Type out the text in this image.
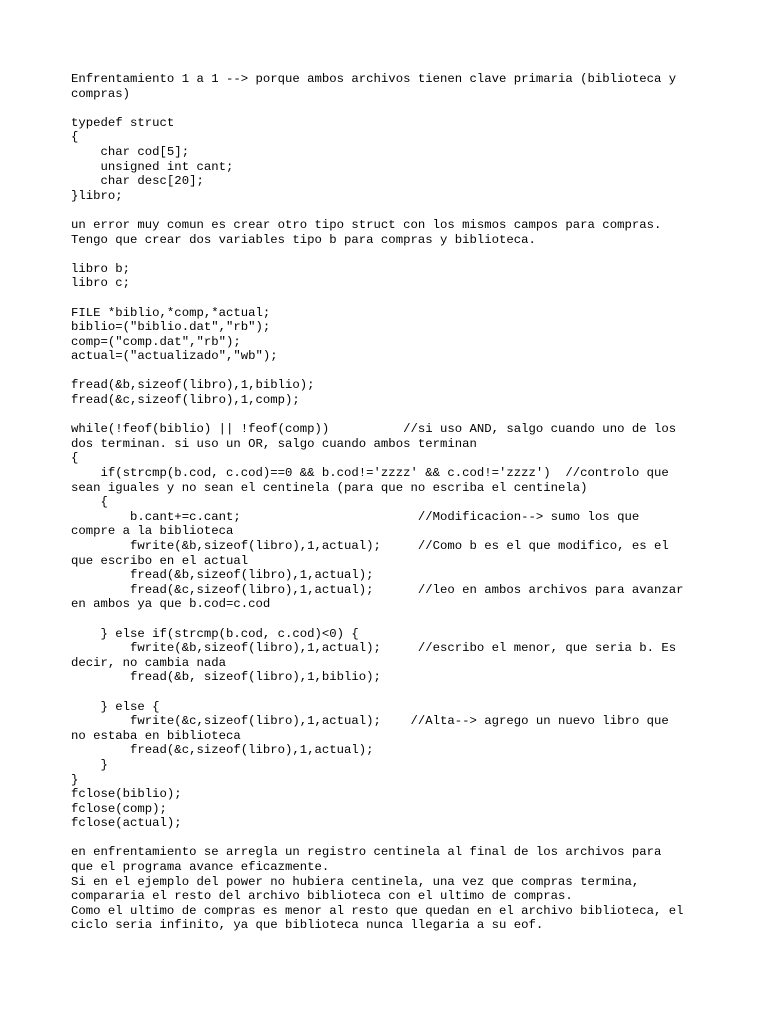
Enfrentamiento 1 a 1 --> porque ambos archivos tienen clave primaria (biblioteca y
compras)
typedef struct
{
char cod[5];
unsigned int cant;
char desc[20];
}libro;
un error muy comun es crear otro tipo struct con los mismos campos para compras.
Tengo que crear dos variables tipo b para compras y biblioteca.
libro b;
libro c;
FILE *biblio,*comp,*actual;
biblio=("biblio.dat","rb");
comp=("comp.dat","rb");
actual=("actualizado","wb");
fread(&b,sizeof(libro),1,biblio);
fread(&c,sizeof(libro),1,comp);
while(!feof(biblio) || !feof(comp))          //si uso AND, salgo cuando uno de los
dos terminan. si uso un OR, salgo cuando ambos terminan
{
if(strcmp(b.cod, c.cod)==0 && b.cod!='zzzz' && c.cod!='zzzz')  //controlo que
sean iguales y no sean el centinela (para que no escriba el centinela)
{
b.cant+=c.cant;                        //Modificacion--> sumo los que
compre a la biblioteca
fwrite(&b,sizeof(libro),1,actual);     //Como b es el que modifico, es el
que escribo en el actual
fread(&b,sizeof(libro),1,actual);
fread(&c,sizeof(libro),1,actual);      //leo en ambos archivos para avanzar
en ambos ya que b.cod=c.cod
} else if(strcmp(b.cod, c.cod)<0) {
fwrite(&b,sizeof(libro),1,actual);     //escribo el menor, que seria b. Es
decir, no cambia nada
fread(&b, sizeof(libro),1,biblio);
} else {
fwrite(&c,sizeof(libro),1,actual);    //Alta--> agrego un nuevo libro que
no estaba en biblioteca
fread(&c,sizeof(libro),1,actual);
}
}
fclose(biblio);
fclose(comp);
fclose(actual);
en enfrentamiento se arregla un registro centinela al final de los archivos para
que el programa avance eficazmente.
Si en el ejemplo del power no hubiera centinela, una vez que compras termina,
compararia el resto del archivo biblioteca con el ultimo de compras.
Como el ultimo de compras es menor al resto que quedan en el archivo biblioteca, el
ciclo seria infinito, ya que biblioteca nunca llegaria a su eof.
